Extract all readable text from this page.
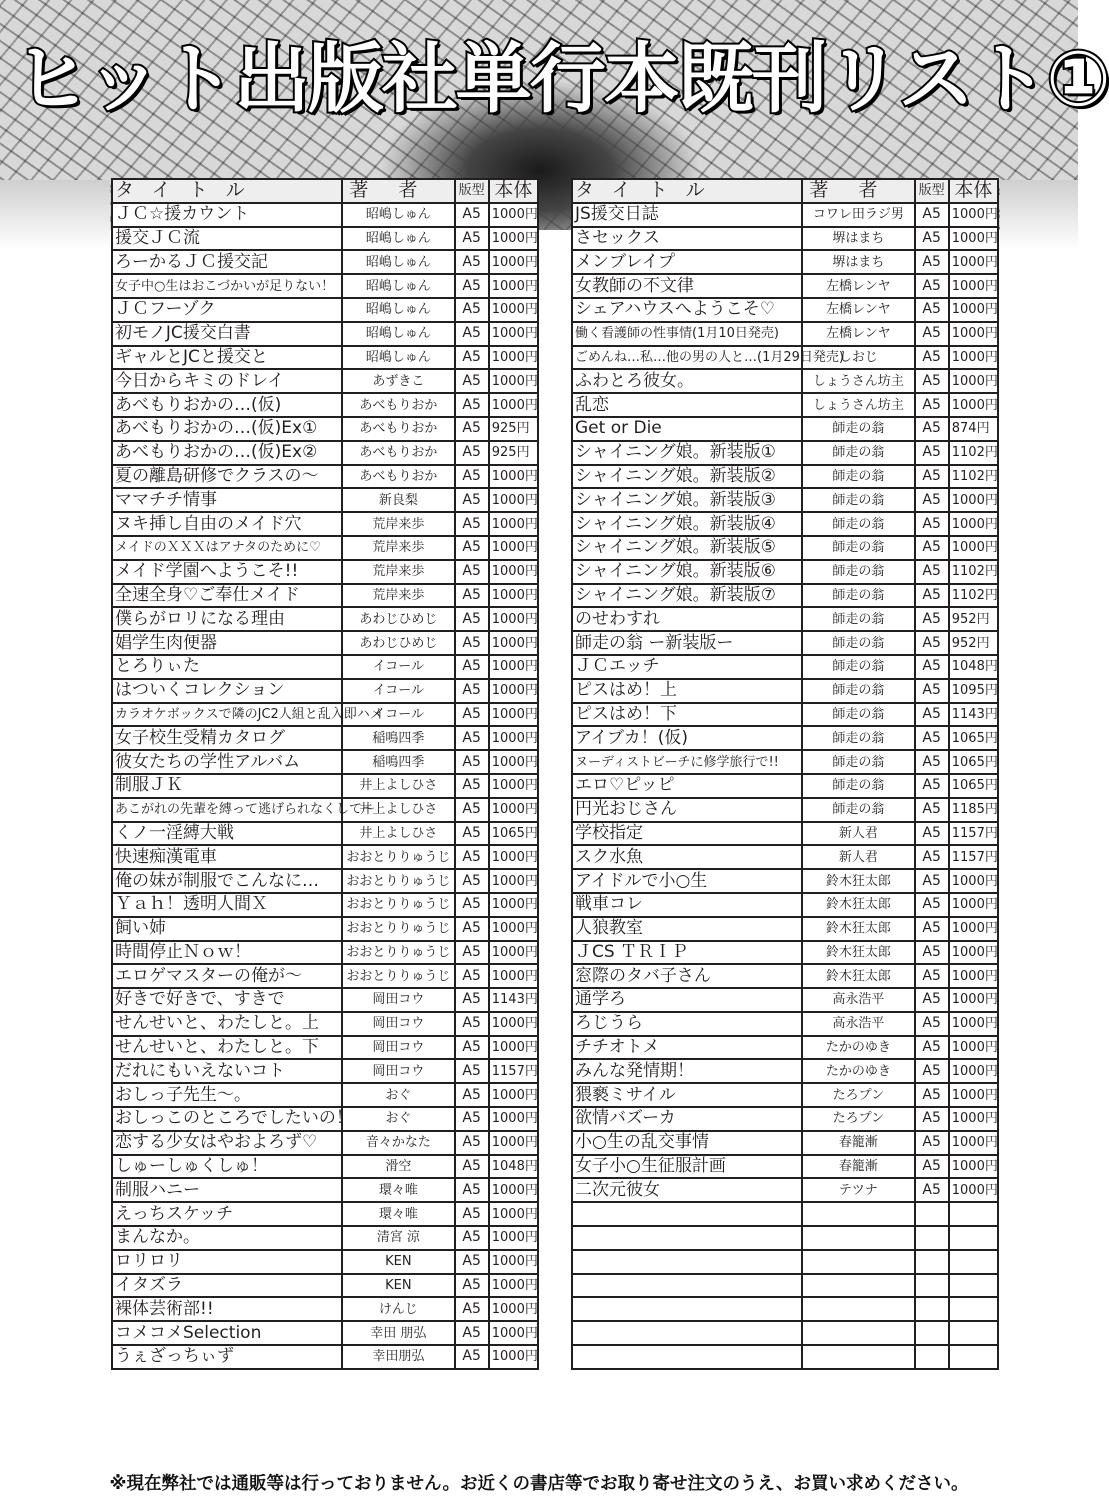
ヒット出版社単行本既刊リスト①
タイトル	著者	版型	本体
ＪＣ☆援カウント	昭嶋しゅん	A5	1000円
援交ＪＣ流	昭嶋しゅん	A5	1000円
ろーかるＪＣ援交記	昭嶋しゅん	A5	1000円
女子中○生はおこづかいが足りない！	昭嶋しゅん	A5	1000円
ＪＣフーゾク	昭嶋しゅん	A5	1000円
初モノJC援交白書	昭嶋しゅん	A5	1000円
ギャルとJCと援交と	昭嶋しゅん	A5	1000円
今日からキミのドレイ	あずきこ	A5	1000円
あべもりおかの…(仮)	あべもりおか	A5	1000円
あべもりおかの…(仮)Ex①	あべもりおか	A5	925円
あべもりおかの…(仮)Ex②	あべもりおか	A5	925円
夏の離島研修でクラスの～	あべもりおか	A5	1000円
ママチチ情事	新良梨	A5	1000円
ヌキ挿し自由のメイド穴	荒岸来歩	A5	1000円
メイドのＸＸＸはアナタのために♡	荒岸来歩	A5	1000円
メイド学園へようこそ!!	荒岸来歩	A5	1000円
全速全身♡ご奉仕メイド	荒岸来歩	A5	1000円
僕らがロリになる理由	あわじひめじ	A5	1000円
娼学生肉便器	あわじひめじ	A5	1000円
とろりぃた	イコール	A5	1000円
はついくコレクション	イコール	A5	1000円
カラオケボックスで隣のJC2人組と乱入即ハメ	イコール	A5	1000円
女子校生受精カタログ	稲鳴四季	A5	1000円
彼女たちの学性アルバム	稲鳴四季	A5	1000円
制服ＪＫ	井上よしひさ	A5	1000円
あこがれの先輩を縛って逃げられなくして～	井上よしひさ	A5	1000円
くノ一淫縛大戦	井上よしひさ	A5	1065円
快速痴漢電車	おおとりりゅうじ	A5	1000円
俺の妹が制服でこんなに…	おおとりりゅうじ	A5	1000円
Ｙａｈ！透明人間Ｘ	おおとりりゅうじ	A5	1000円
飼い姉	おおとりりゅうじ	A5	1000円
時間停止Ｎｏｗ！	おおとりりゅうじ	A5	1000円
エロゲマスターの俺が～	おおとりりゅうじ	A5	1000円
好きで好きで、すきで	岡田コウ	A5	1143円
せんせいと、わたしと。上	岡田コウ	A5	1000円
せんせいと、わたしと。下	岡田コウ	A5	1000円
だれにもいえないコト	岡田コウ	A5	1157円
おしっ子先生～。	おぐ	A5	1000円
おしっこのところでしたいの！	おぐ	A5	1000円
恋する少女はやおよろず♡	音々かなた	A5	1000円
しゅーしゅくしゅ！	滑空	A5	1048円
制服ハニー	環々唯	A5	1000円
えっちスケッチ	環々唯	A5	1000円
まんなか。	清宮 涼	A5	1000円
ロリロリ	KEN	A5	1000円
イタズラ	KEN	A5	1000円
裸体芸術部!!	けんじ	A5	1000円
コメコメSelection	幸田 朋弘	A5	1000円
うぇざっちぃず	幸田朋弘	A5	1000円
タイトル	著者	版型	本体
JS援交日誌	コワレ田ラジ男	A5	1000円
さセックス	堺はまち	A5	1000円
メンブレイプ	堺はまち	A5	1000円
女教師の不文律	左橋レンヤ	A5	1000円
シェアハウスへようこそ♡	左橋レンヤ	A5	1000円
働く看護師の性事情(1月10日発売)	左橋レンヤ	A5	1000円
ごめんね…私…他の男の人と…(1月29日発売)	しおじ	A5	1000円
ふわとろ彼女。	しょうさん坊主	A5	1000円
乱恋	しょうさん坊主	A5	1000円
Get or Die	師走の翁	A5	874円
シャイニング娘。新装版①	師走の翁	A5	1102円
シャイニング娘。新装版②	師走の翁	A5	1102円
シャイニング娘。新装版③	師走の翁	A5	1000円
シャイニング娘。新装版④	師走の翁	A5	1000円
シャイニング娘。新装版⑤	師走の翁	A5	1000円
シャイニング娘。新装版⑥	師走の翁	A5	1102円
シャイニング娘。新装版⑦	師走の翁	A5	1102円
のせわすれ	師走の翁	A5	952円
師走の翁 ー新装版ー	師走の翁	A5	952円
ＪＣエッチ	師走の翁	A5	1048円
ピスはめ！上	師走の翁	A5	1095円
ピスはめ！下	師走の翁	A5	1143円
アイブカ！(仮)	師走の翁	A5	1065円
ヌーディストビーチに修学旅行で!!	師走の翁	A5	1065円
エロ♡ピッピ	師走の翁	A5	1065円
円光おじさん	師走の翁	A5	1185円
学校指定	新人君	A5	1157円
スク水魚	新人君	A5	1157円
アイドルで小○生	鈴木狂太郎	A5	1000円
戦車コレ	鈴木狂太郎	A5	1000円
人狼教室	鈴木狂太郎	A5	1000円
ＪCS ＴＲＩＰ	鈴木狂太郎	A5	1000円
窓際のタバ子さん	鈴木狂太郎	A5	1000円
通学ろ	高永浩平	A5	1000円
ろじうら	高永浩平	A5	1000円
チチオトメ	たかのゆき	A5	1000円
みんな発情期！	たかのゆき	A5	1000円
猥褻ミサイル	たろプン	A5	1000円
欲情バズーカ	たろプン	A5	1000円
小○生の乱交事情	春籠漸	A5	1000円
女子小○生征服計画	春籠漸	A5	1000円
二次元彼女	テツナ	A5	1000円

※現在弊社では通販等は行っておりません。お近くの書店等でお取り寄せ注文のうえ、お買い求めください。
